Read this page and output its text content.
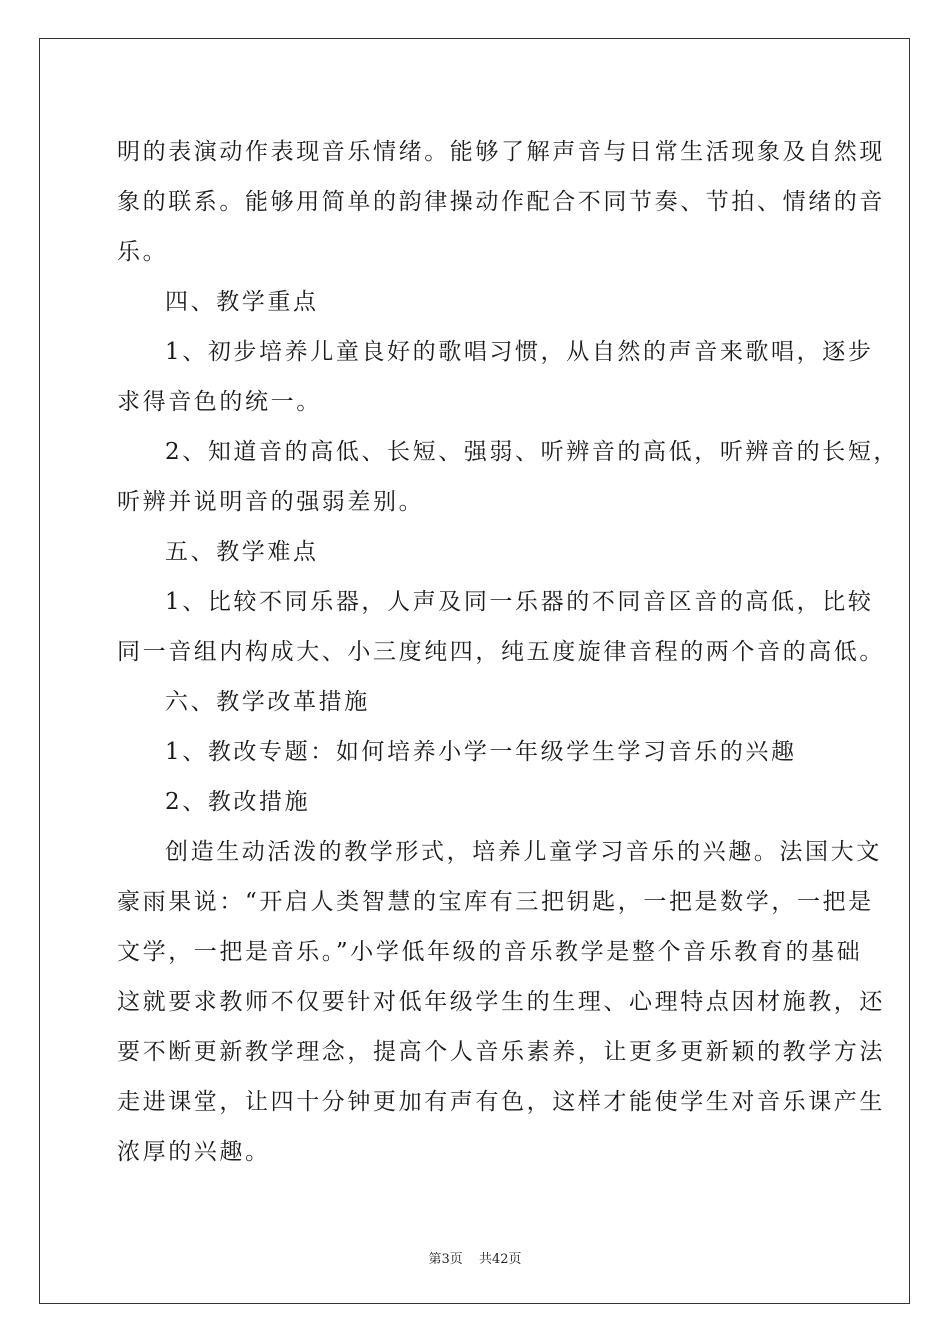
明的表演动作表现音乐情绪。能够了解声音与日常生活现象及自然现
象的联系。能够用简单的韵律操动作配合不同节奏、节拍、情绪的音
乐。
四、教学重点
1、初步培养儿童良好的歌唱习惯，从自然的声音来歌唱，逐步
求得音色的统一。
2、知道音的高低、长短、强弱、听辨音的高低，听辨音的长短，
听辨并说明音的强弱差别。
五、教学难点
1、比较不同乐器，人声及同一乐器的不同音区音的高低，比较
同一音组内构成大、小三度纯四，纯五度旋律音程的两个音的高低。
六、教学改革措施
1、教改专题：如何培养小学一年级学生学习音乐的兴趣
2、教改措施
创造生动活泼的教学形式，培养儿童学习音乐的兴趣。法国大文
豪雨果说：“开启人类智慧的宝库有三把钥匙，一把是数学，一把是
文学，一把是音乐。”小学低年级的音乐教学是整个音乐教育的基础
这就要求教师不仅要针对低年级学生的生理、心理特点因材施教，还
要不断更新教学理念，提高个人音乐素养，让更多更新颖的教学方法
走进课堂，让四十分钟更加有声有色，这样才能使学生对音乐课产生
浓厚的兴趣。
第3页 共42页
